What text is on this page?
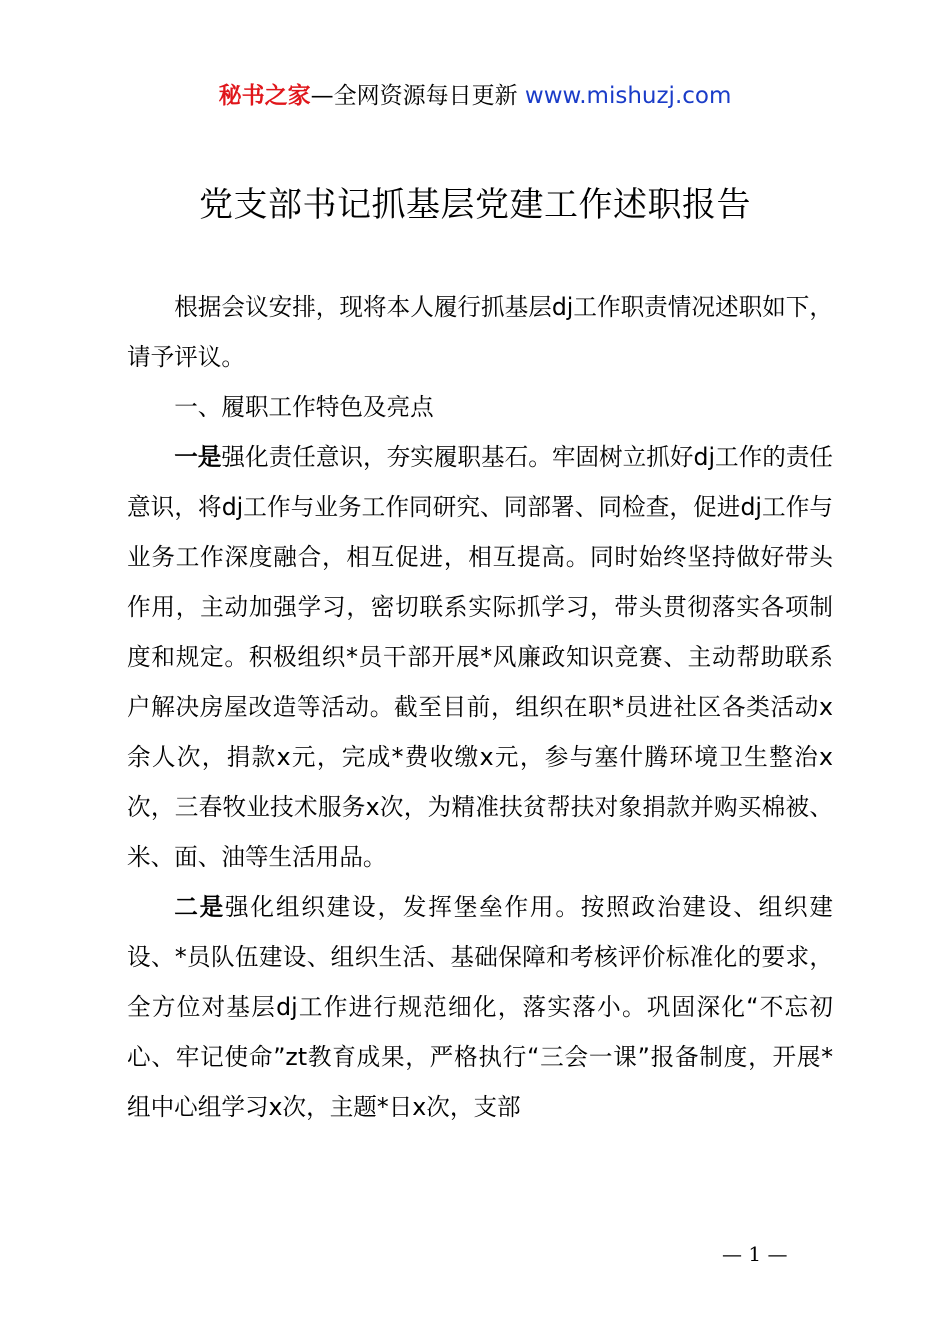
秘书之家—全网资源每日更新 www.mishuzj.com
党支部书记抓基层党建工作述职报告

根据会议安排，现将本人履行抓基层dj工作职责情况述职如下，请予评议。

一、履职工作特色及亮点

一是强化责任意识，夯实履职基石。牢固树立抓好dj工作的责任意识，将dj工作与业务工作同研究、同部署、同检查，促进dj工作与业务工作深度融合，相互促进，相互提高。同时始终坚持做好带头作用，主动加强学习，密切联系实际抓学习，带头贯彻落实各项制度和规定。积极组织*员干部开展*风廉政知识竞赛、主动帮助联系户解决房屋改造等活动。截至目前，组织在职*员进社区各类活动x余人次，捐款x元，完成*费收缴x元，参与塞什腾环境卫生整治x次，三春牧业技术服务x次，为精准扶贫帮扶对象捐款并购买棉被、米、面、油等生活用品。

二是强化组织建设，发挥堡垒作用。按照政治建设、组织建设、*员队伍建设、组织生活、基础保障和考核评价标准化的要求，全方位对基层dj工作进行规范细化，落实落小。巩固深化“不忘初心、牢记使命”zt教育成果，严格执行“三会一课”报备制度，开展*组中心组学习x次，主题*日x次，支部

— 1 —
